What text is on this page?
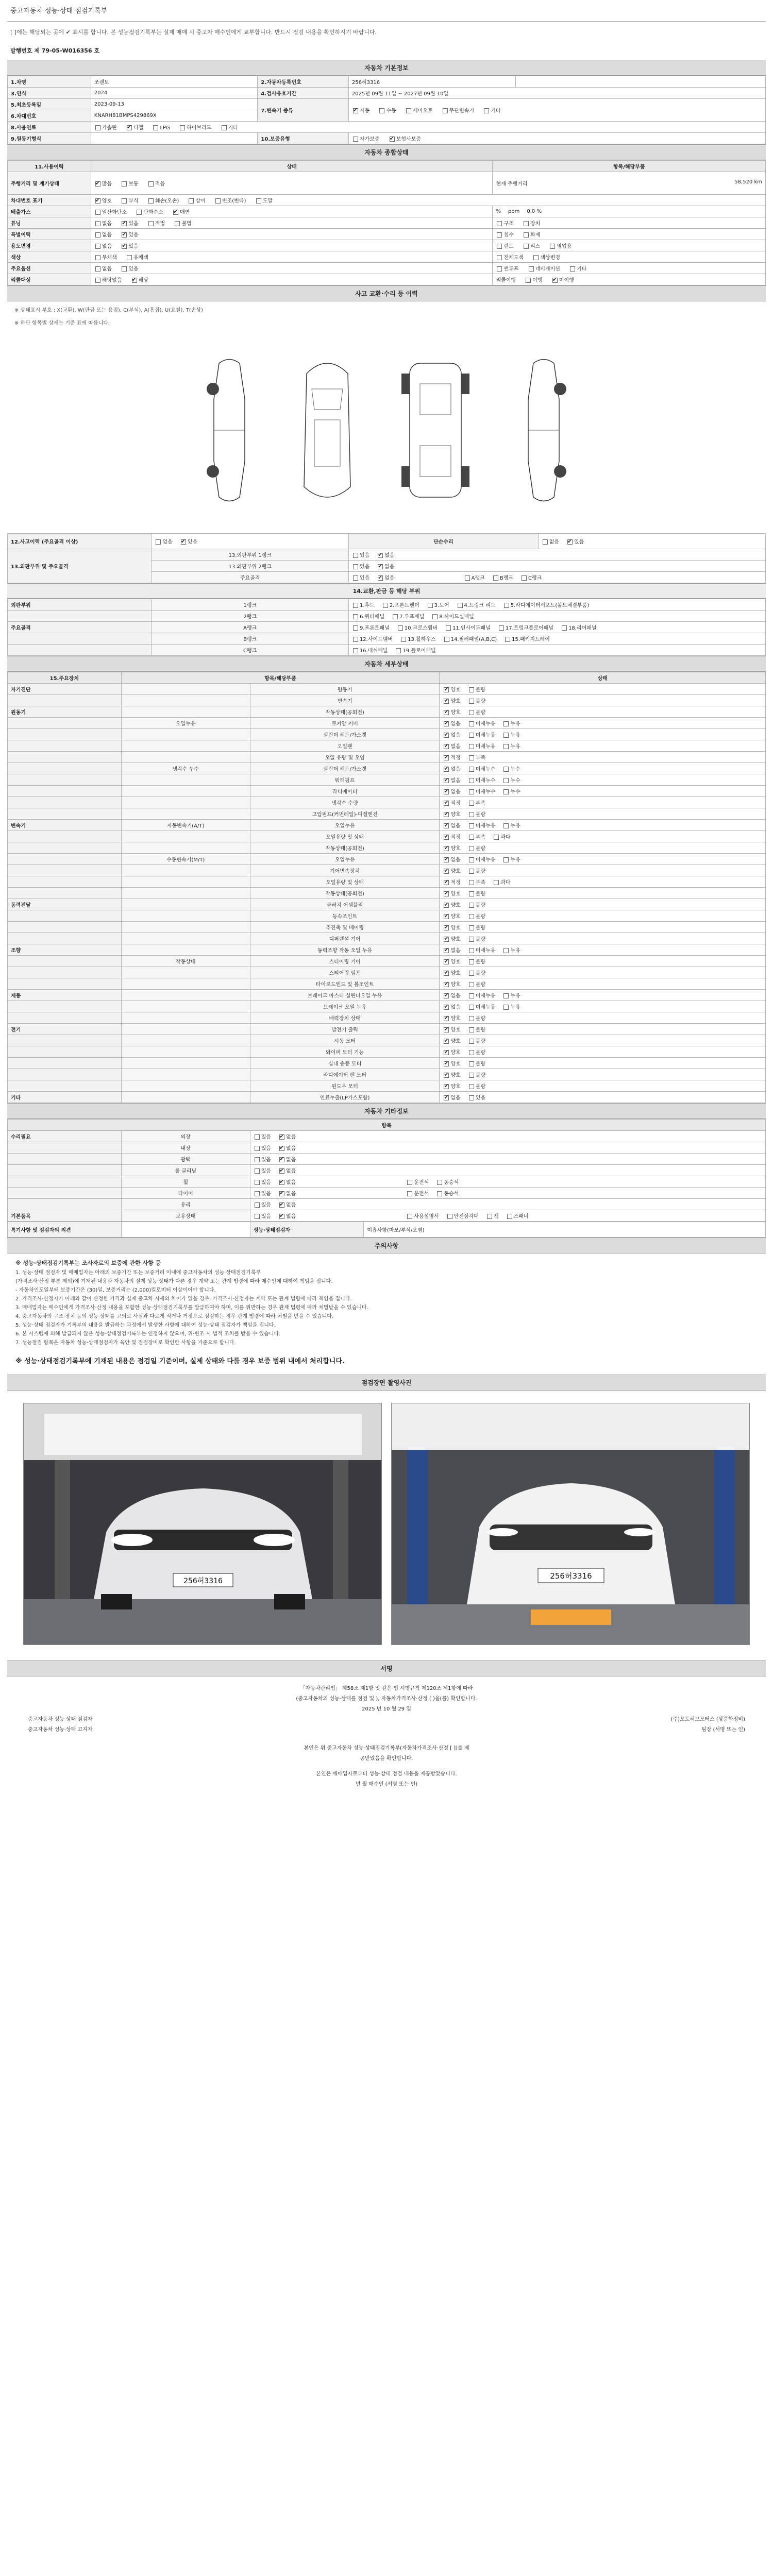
중고자동차 성능·상태 점검기록부
[ ]에는 해당되는 곳에 ✔ 표시를 합니다. 본 성능점검기록부는 실제 매매 시 중고차 매수인에게 교부합니다. 반드시 점검 내용을 확인하시기 바랍니다.
발행번호 제 79-05-W016356 호
자동차 기본정보
1.차명	쏘렌토	2.자동차등록번호	256허3316	
3.연식	2024	4.검사유효기간	2025년 09월 11일 ~ 2027년 09월 10일	
5.최초등록일	2023-09-13	7.변속기 종류	✔자동 수동 세미오토 무단변속기 기타
6.차대번호	KNARH81BMPS429869X			
8.사용연료	가솔린 ✔ 디젤 LPG 하이브리드 기타
9.원동기형식		10.보증유형	자가보증 ✔ 보험사보증
자동차 종합상태
11.사용이력	상태	항목/해당부품
주행거리 및 계기상태	✔많음 보통 적음	현재 주행거리 58,520 km

차대번호 표기	✔양호 부식 훼손(오손) 상이 변조(변타) 도말
배출가스	일산화탄소 탄화수소 ✔ 매연	% ppm 0.0 %
튜닝	없음 ✔ 있음 적법 불법	구조 장치
특별이력	없음 ✔ 있음	침수 화재
용도변경	없음 ✔ 있음	렌트 리스 영업용
색상	무채색 유채색	전체도색 색상변경
주요옵션	없음 있음	썬루프 네비게이션 기타
리콜대상	해당없음 ✔ 해당	리콜이행 이행 ✔ 미이행
사고 교환·수리 등 이력
※ 상태표시 부호 : X(교환), W(판금 또는 용접), C(부식), A(흠집), U(요철), T(손상)
※ 하단 항목별 상세는 기준 표에 따릅니다.
12.사고이력 (주요골격 이상)	없음 ✔ 있음	단순수리	없음 ✔ 있음
13.외판부위 및 주요골격	13.외판부위 1랭크	있음 ✔ 없음
	13.외판부위 2랭크	있음 ✔ 없음
	주요골격	있음 ✔ 없음 A랭크 B랭크 C랭크
14.교환,판금 등 해당 부위
외판부위	1랭크	1.후드 2.프론트펜더 3.도어 4.트렁크 리드 5.라디에이터서포트(볼트체결부품)
	2랭크	6.쿼터패널 7.루프패널 8.사이드실패널
주요골격	A랭크	9.프론트패널 10.크로스멤버 11.인사이드패널 17.트렁크플로어패널 18.리어패널
	B랭크	12.사이드멤버 13.휠하우스 14.필러패널(A,B,C) 15.패키지트레이
	C랭크	16.대쉬패널 19.플로어패널
자동차 세부상태
15.주요장치	항목/해당부품		상태
자기진단		원동기	✔양호 불량
		변속기	✔양호 불량
원동기		작동상태(공회전)	✔양호 불량
	오일누유	로커암 커버	✔없음 미세누유 누유
		실린더 헤드/가스켓	✔없음 미세누유 누유
		오일팬	✔없음 미세누유 누유
		오일 유량 및 오염	✔적정 부족
	냉각수 누수	실린더 헤드/가스켓	✔없음 미세누수 누수
		워터펌프	✔없음 미세누수 누수
		라디에이터	✔없음 미세누수 누수
		냉각수 수량	✔적정 부족
		고압펌프(커먼레일)-디젤엔진	✔양호 불량
변속기	자동변속기(A/T)	오일누유	✔없음 미세누유 누유
		오일유량 및 상태	✔적정 부족 과다
		작동상태(공회전)	✔양호 불량
	수동변속기(M/T)	오일누유	✔없음 미세누유 누유
		기어변속장치	✔양호 불량
		오일유량 및 상태	✔적정 부족 과다
		작동상태(공회전)	✔양호 불량
동력전달		클러치 어셈블리	✔양호 불량
		등속조인트	✔양호 불량
		추진축 및 베어링	✔양호 불량
		디퍼렌셜 기어	✔양호 불량
조향		동력조향 작동 오일 누유	✔없음 미세누유 누유
	작동상태	스티어링 기어	✔양호 불량
		스티어링 펌프	✔양호 불량
		타이로드엔드 및 볼조인트	✔양호 불량
제동		브레이크 마스터 실린더오일 누유	✔없음 미세누유 누유
		브레이크 오일 누유	✔없음 미세누유 누유
		배력장치 상태	✔양호 불량
전기		발전기 출력	✔양호 불량
		시동 모터	✔양호 불량
		와이퍼 모터 기능	✔양호 불량
		실내 송풍 모터	✔양호 불량
		라디에이터 팬 모터	✔양호 불량
		윈도우 모터	✔양호 불량
기타		연료누출(LP가스포함)	✔없음 있음
자동차 기타정보
항목		
수리필요	외장	있음 ✔ 없음
	내장	있음 ✔ 없음
	광택	있음 ✔ 없음
	룸 클리닝	있음 ✔ 없음
	휠	있음 ✔ 없음 운전석 동승석
	타이어	있음 ✔ 없음 운전석 동승석
	유리	있음 ✔ 없음
기본품목	보유상태	있음 ✔ 없음 사용설명서 안전삼각대 잭 스패너
특기사항 및 점검자의 의견		성능·상태점검자	미흡사항(마모/부식/오염)
주의사항

※ 성능·상태점검기록부는 조사자료의 보증에 관한 사항 등

1. 성능·상태 점검자 및 매매업자는 아래의 보증기간 또는 보증거리 이내에 중고자동차의 성능·상태점검기록부

(가격조사·산정 부분 제외)에 기재된 내용과 자동차의 실제 성능·상태가 다른 경우 계약 또는 관계 법령에 따라 매수인에 대하여 책임을 집니다.

- 자동차인도일부터 보증기간은 (30)일, 보증거리는 (2,000)킬로미터 이상이어야 합니다.

2. 가격조사·산정자가 아래와 같이 산정한 가격과 실제 중고차 시세와 차이가 있을 경우, 가격조사·산정자는 계약 또는 관계 법령에 따라 책임을 집니다.

3. 매매업자는 매수인에게 가격조사·산정 내용을 포함한 성능·상태점검기록부를 발급하여야 하며, 이를 위반하는 경우 관계 법령에 따라 처벌받을 수 있습니다.

4. 중고자동차의 구조·장치 등의 성능·상태를 고의로 사실과 다르게 적거나 거짓으로 점검하는 경우 관계 법령에 따라 처벌을 받을 수 있습니다.

5. 성능·상태 점검자가 기록부의 내용을 발급하는 과정에서 발생한 사항에 대하여 성능·상태 점검자가 책임을 집니다.

6. 본 시스템에 의해 발급되지 않은 성능·상태점검기록부는 인정하지 않으며, 위·변조 시 법적 조치를 받을 수 있습니다.

7. 성능점검 항목은 자동차 성능·상태점검자가 육안 및 점검장비로 확인한 사항을 기준으로 합니다.

※ 성능·상태점검기록부에 기재된 내용은 점검일 기준이며, 실제 상태와 다를 경우 보증 범위 내에서 처리합니다.
점검장면 촬영사진
256허3316
256허3316
서명
「자동차관리법」 제58조 제1항 및 같은 법 시행규칙 제120조 제1항에 따라
(중고자동차의 성능·상태를 점검 및 ), 자동차가격조사·산정 ( )을(를) 확인합니다.
2025 년 10 월 29 일
중고자동차 성능·상태 점검자	(주)오토허브모터스 (상품화정비)
중고자동차 성능·상태 고지자	팀장 (서명 또는 인)
본인은 위 중고자동차 성능·상태점검기록부(자동차가격조사·산정 [ ])를 제
공받았음을 확인합니다.
본인은 매매업자로부터 성능·상태 점검 내용을 제공받았습니다.
년 월 매수인 (서명 또는 인)
